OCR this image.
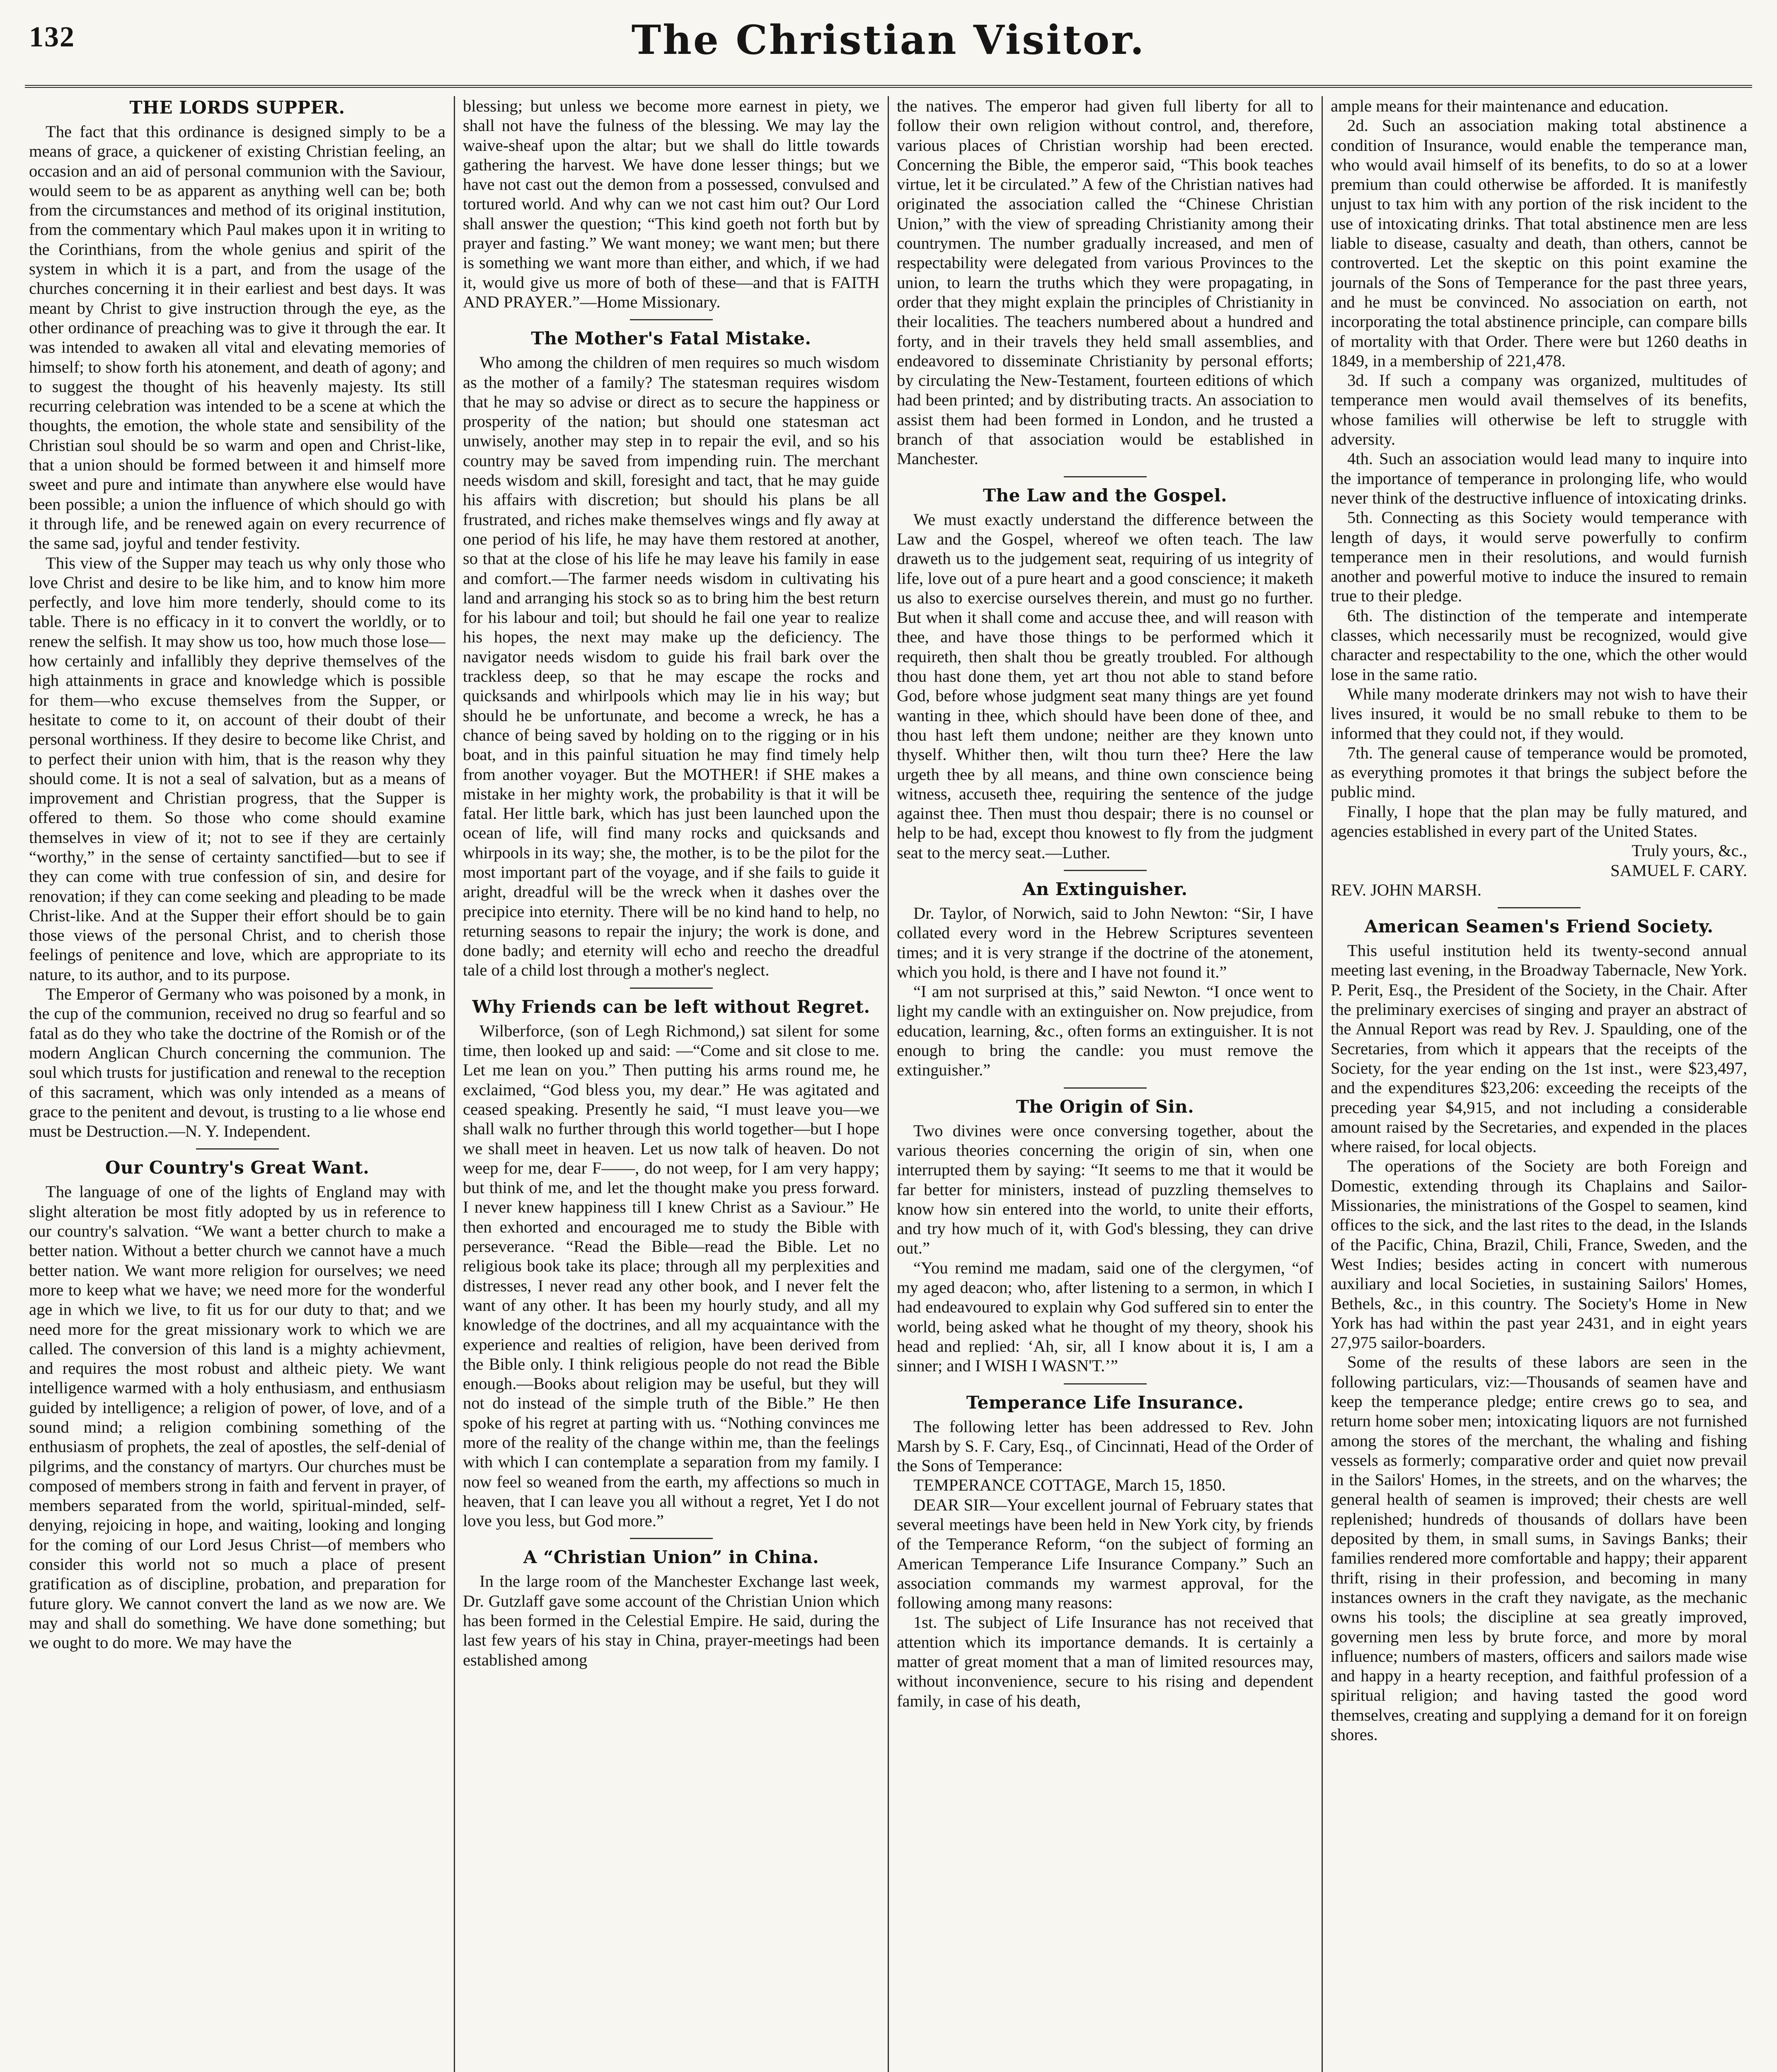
132	The Christian Visitor.
THE LORDS SUPPER.

The fact that this ordinance is designed simply to be a means of grace, a quickener of existing Christian feeling, an occasion and an aid of personal communion with the Saviour, would seem to be as apparent as anything well can be; both from the circumstances and method of its original institution, from the commentary which Paul makes upon it in writing to the Corinthians, from the whole genius and spirit of the system in which it is a part, and from the usage of the churches concerning it in their earliest and best days. It was meant by Christ to give instruction through the eye, as the other ordinance of preaching was to give it through the ear. It was intended to awaken all vital and elevating memories of himself; to show forth his atonement, and death of agony; and to suggest the thought of his heavenly majesty. Its still recurring celebration was intended to be a scene at which the thoughts, the emotion, the whole state and sensibility of the Christian soul should be so warm and open and Christ-like, that a union should be formed between it and himself more sweet and pure and intimate than anywhere else would have been possible; a union the influence of which should go with it through life, and be renewed again on every recurrence of the same sad, joyful and tender festivity.

This view of the Supper may teach us why only those who love Christ and desire to be like him, and to know him more perfectly, and love him more tenderly, should come to its table. There is no efficacy in it to convert the worldly, or to renew the selfish. It may show us too, how much those lose—how certainly and infallibly they deprive themselves of the high attainments in grace and knowledge which is possible for them—who excuse themselves from the Supper, or hesitate to come to it, on account of their doubt of their personal worthiness. If they desire to become like Christ, and to perfect their union with him, that is the reason why they should come. It is not a seal of salvation, but as a means of improvement and Christian progress, that the Supper is offered to them. So those who come should examine themselves in view of it; not to see if they are certainly “worthy,” in the sense of certainty sanctified—but to see if they can come with true confession of sin, and desire for renovation; if they can come seeking and pleading to be made Christ-like. And at the Supper their effort should be to gain those views of the personal Christ, and to cherish those feelings of penitence and love, which are appropriate to its nature, to its author, and to its purpose.

The Emperor of Germany who was poisoned by a monk, in the cup of the communion, received no drug so fearful and so fatal as do they who take the doctrine of the Romish or of the modern Anglican Church concerning the communion. The soul which trusts for justification and renewal to the reception of this sacrament, which was only intended as a means of grace to the penitent and devout, is trusting to a lie whose end must be Destruction.—N. Y. Independent.

Our Country's Great Want.

The language of one of the lights of England may with slight alteration be most fitly adopted by us in reference to our country's salvation. “We want a better church to make a better nation. Without a better church we cannot have a much better nation. We want more religion for ourselves; we need more to keep what we have; we need more for the wonderful age in which we live, to fit us for our duty to that; and we need more for the great missionary work to which we are called. The conversion of this land is a mighty achievment, and requires the most robust and altheic piety. We want intelligence warmed with a holy enthusiasm, and enthusiasm guided by intelligence; a religion of power, of love, and of a sound mind; a religion combining something of the enthusiasm of prophets, the zeal of apostles, the self-denial of pilgrims, and the constancy of martyrs. Our churches must be composed of members strong in faith and fervent in prayer, of members separated from the world, spiritual-minded, self-denying, rejoicing in hope, and waiting, looking and longing for the coming of our Lord Jesus Christ—of members who consider this world not so much a place of present gratification as of discipline, probation, and preparation for future glory. We cannot convert the land as we now are. We may and shall do something. We have done something; but we ought to do more. We may have the

blessing; but unless we become more earnest in piety, we shall not have the fulness of the blessing. We may lay the waive-sheaf upon the altar; but we shall do little towards gathering the harvest. We have done lesser things; but we have not cast out the demon from a possessed, convulsed and tortured world. And why can we not cast him out? Our Lord shall answer the question; “This kind goeth not forth but by prayer and fasting.” We want money; we want men; but there is something we want more than either, and which, if we had it, would give us more of both of these—and that is FAITH AND PRAYER.”—Home Missionary.

The Mother's Fatal Mistake.

Who among the children of men requires so much wisdom as the mother of a family? The statesman requires wisdom that he may so advise or direct as to secure the happiness or prosperity of the nation; but should one statesman act unwisely, another may step in to repair the evil, and so his country may be saved from impending ruin. The merchant needs wisdom and skill, foresight and tact, that he may guide his affairs with discretion; but should his plans be all frustrated, and riches make themselves wings and fly away at one period of his life, he may have them restored at another, so that at the close of his life he may leave his family in ease and comfort.—The farmer needs wisdom in cultivating his land and arranging his stock so as to bring him the best return for his labour and toil; but should he fail one year to realize his hopes, the next may make up the deficiency. The navigator needs wisdom to guide his frail bark over the trackless deep, so that he may escape the rocks and quicksands and whirlpools which may lie in his way; but should he be unfortunate, and become a wreck, he has a chance of being saved by holding on to the rigging or in his boat, and in this painful situation he may find timely help from another voyager. But the MOTHER! if SHE makes a mistake in her mighty work, the probability is that it will be fatal. Her little bark, which has just been launched upon the ocean of life, will find many rocks and quicksands and whirpools in its way; she, the mother, is to be the pilot for the most important part of the voyage, and if she fails to guide it aright, dreadful will be the wreck when it dashes over the precipice into eternity. There will be no kind hand to help, no returning seasons to repair the injury; the work is done, and done badly; and eternity will echo and reecho the dreadful tale of a child lost through a mother's neglect.

Why Friends can be left without Regret.

Wilberforce, (son of Legh Richmond,) sat silent for some time, then looked up and said: —“Come and sit close to me. Let me lean on you.” Then putting his arms round me, he exclaimed, “God bless you, my dear.” He was agitated and ceased speaking. Presently he said, “I must leave you—we shall walk no further through this world together—but I hope we shall meet in heaven. Let us now talk of heaven. Do not weep for me, dear F——, do not weep, for I am very happy; but think of me, and let the thought make you press forward. I never knew happiness till I knew Christ as a Saviour.” He then exhorted and encouraged me to study the Bible with perseverance. “Read the Bible—read the Bible. Let no religious book take its place; through all my perplexities and distresses, I never read any other book, and I never felt the want of any other. It has been my hourly study, and all my knowledge of the doctrines, and all my acquaintance with the experience and realties of religion, have been derived from the Bible only. I think religious people do not read the Bible enough.—Books about religion may be useful, but they will not do instead of the simple truth of the Bible.” He then spoke of his regret at parting with us. “Nothing convinces me more of the reality of the change within me, than the feelings with which I can contemplate a separation from my family. I now feel so weaned from the earth, my affections so much in heaven, that I can leave you all without a regret, Yet I do not love you less, but God more.”

A “Christian Union” in China.

In the large room of the Manchester Exchange last week, Dr. Gutzlaff gave some account of the Christian Union which has been formed in the Celestial Empire. He said, during the last few years of his stay in China, prayer-meetings had been established among

the natives. The emperor had given full liberty for all to follow their own religion without control, and, therefore, various places of Christian worship had been erected. Concerning the Bible, the emperor said, “This book teaches virtue, let it be circulated.” A few of the Christian natives had originated the association called the “Chinese Christian Union,” with the view of spreading Christianity among their countrymen. The number gradually increased, and men of respectability were delegated from various Provinces to the union, to learn the truths which they were propagating, in order that they might explain the principles of Christianity in their localities. The teachers numbered about a hundred and forty, and in their travels they held small assemblies, and endeavored to disseminate Christianity by personal efforts; by circulating the New-Testament, fourteen editions of which had been printed; and by distributing tracts. An association to assist them had been formed in London, and he trusted a branch of that association would be established in Manchester.

The Law and the Gospel.

We must exactly understand the difference between the Law and the Gospel, whereof we often teach. The law draweth us to the judgement seat, requiring of us integrity of life, love out of a pure heart and a good conscience; it maketh us also to exercise ourselves therein, and must go no further. But when it shall come and accuse thee, and will reason with thee, and have those things to be performed which it requireth, then shalt thou be greatly troubled. For although thou hast done them, yet art thou not able to stand before God, before whose judgment seat many things are yet found wanting in thee, which should have been done of thee, and thou hast left them undone; neither are they known unto thyself. Whither then, wilt thou turn thee? Here the law urgeth thee by all means, and thine own conscience being witness, accuseth thee, requiring the sentence of the judge against thee. Then must thou despair; there is no counsel or help to be had, except thou knowest to fly from the judgment seat to the mercy seat.—Luther.

An Extinguisher.

Dr. Taylor, of Norwich, said to John Newton: “Sir, I have collated every word in the Hebrew Scriptures seventeen times; and it is very strange if the doctrine of the atonement, which you hold, is there and I have not found it.”

“I am not surprised at this,” said Newton. “I once went to light my candle with an extinguisher on. Now prejudice, from education, learning, &c., often forms an extinguisher. It is not enough to bring the candle: you must remove the extinguisher.”

The Origin of Sin.

Two divines were once conversing together, about the various theories concerning the origin of sin, when one interrupted them by saying: “It seems to me that it would be far better for ministers, instead of puzzling themselves to know how sin entered into the world, to unite their efforts, and try how much of it, with God's blessing, they can drive out.”

“You remind me madam, said one of the clergymen, “of my aged deacon; who, after listening to a sermon, in which I had endeavoured to explain why God suffered sin to enter the world, being asked what he thought of my theory, shook his head and replied: ‘Ah, sir, all I know about it is, I am a sinner; and I WISH I WASN'T.’”

Temperance Life Insurance.

The following letter has been addressed to Rev. John Marsh by S. F. Cary, Esq., of Cincinnati, Head of the Order of the Sons of Temperance:

TEMPERANCE COTTAGE, March 15, 1850.

DEAR SIR—Your excellent journal of February states that several meetings have been held in New York city, by friends of the Temperance Reform, “on the subject of forming an American Temperance Life Insurance Company.” Such an association commands my warmest approval, for the following among many reasons:

1st. The subject of Life Insurance has not received that attention which its importance demands. It is certainly a matter of great moment that a man of limited resources may, without inconvenience, secure to his rising and dependent family, in case of his death,

ample means for their maintenance and education.

2d. Such an association making total abstinence a condition of Insurance, would enable the temperance man, who would avail himself of its benefits, to do so at a lower premium than could otherwise be afforded. It is manifestly unjust to tax him with any portion of the risk incident to the use of intoxicating drinks. That total abstinence men are less liable to disease, casualty and death, than others, cannot be controverted. Let the skeptic on this point examine the journals of the Sons of Temperance for the past three years, and he must be convinced. No association on earth, not incorporating the total abstinence principle, can compare bills of mortality with that Order. There were but 1260 deaths in 1849, in a membership of 221,478.

3d. If such a company was organized, multitudes of temperance men would avail themselves of its benefits, whose families will otherwise be left to struggle with adversity.

4th. Such an association would lead many to inquire into the importance of temperance in prolonging life, who would never think of the destructive influence of intoxicating drinks.

5th. Connecting as this Society would temperance with length of days, it would serve powerfully to confirm temperance men in their resolutions, and would furnish another and powerful motive to induce the insured to remain true to their pledge.

6th. The distinction of the temperate and intemperate classes, which necessarily must be recognized, would give character and respectability to the one, which the other would lose in the same ratio.

While many moderate drinkers may not wish to have their lives insured, it would be no small rebuke to them to be informed that they could not, if they would.

7th. The general cause of temperance would be promoted, as everything promotes it that brings the subject before the public mind.

Finally, I hope that the plan may be fully matured, and agencies established in every part of the United States.

Truly yours, &c.,

SAMUEL F. CARY.

REV. JOHN MARSH.

American Seamen's Friend Society.

This useful institution held its twenty-second annual meeting last evening, in the Broadway Tabernacle, New York. P. Perit, Esq., the President of the Society, in the Chair. After the preliminary exercises of singing and prayer an abstract of the Annual Report was read by Rev. J. Spaulding, one of the Secretaries, from which it appears that the receipts of the Society, for the year ending on the 1st inst., were $23,497, and the expenditures $23,206: exceeding the receipts of the preceding year $4,915, and not including a considerable amount raised by the Secretaries, and expended in the places where raised, for local objects.

The operations of the Society are both Foreign and Domestic, extending through its Chaplains and Sailor-Missionaries, the ministrations of the Gospel to seamen, kind offices to the sick, and the last rites to the dead, in the Islands of the Pacific, China, Brazil, Chili, France, Sweden, and the West Indies; besides acting in concert with numerous auxiliary and local Societies, in sustaining Sailors' Homes, Bethels, &c., in this country. The Society's Home in New York has had within the past year 2431, and in eight years 27,975 sailor-boarders.

Some of the results of these labors are seen in the following particulars, viz:—Thousands of seamen have and keep the temperance pledge; entire crews go to sea, and return home sober men; intoxicating liquors are not furnished among the stores of the merchant, the whaling and fishing vessels as formerly; comparative order and quiet now prevail in the Sailors' Homes, in the streets, and on the wharves; the general health of seamen is improved; their chests are well replenished; hundreds of thousands of dollars have been deposited by them, in small sums, in Savings Banks; their families rendered more comfortable and happy; their apparent thrift, rising in their profession, and becoming in many instances owners in the craft they navigate, as the mechanic owns his tools; the discipline at sea greatly improved, governing men less by brute force, and more by moral influence; numbers of masters, officers and sailors made wise and happy in a hearty reception, and faithful profession of a spiritual religion; and having tasted the good word themselves, creating and supplying a demand for it on foreign shores.
